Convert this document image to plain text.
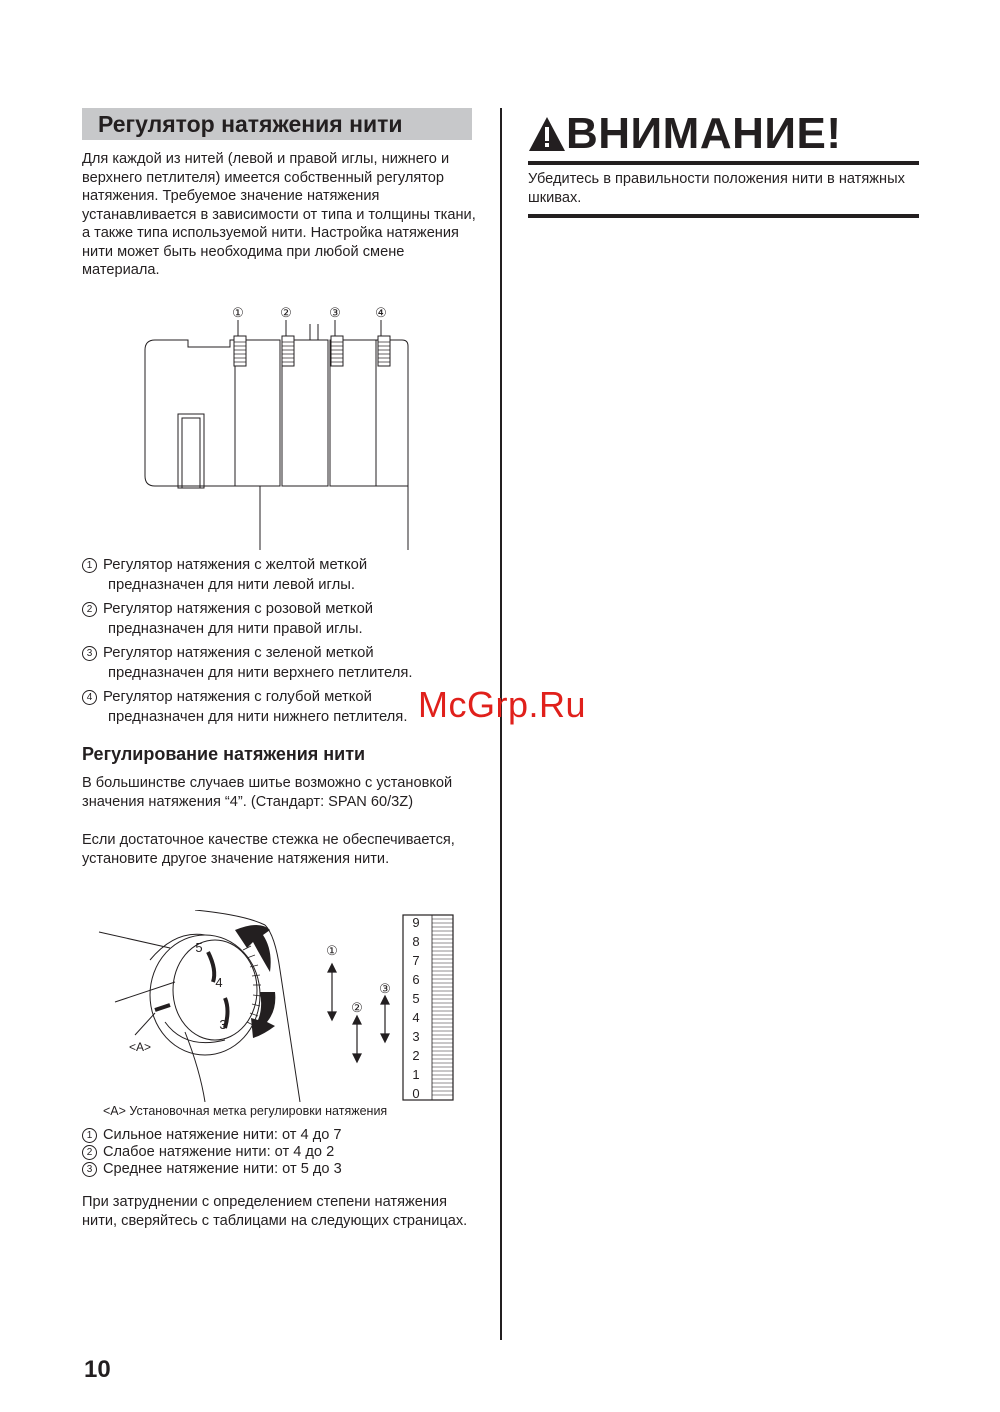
Регулятор натяжения нити

Для каждой из нитей (левой и правой иглы, нижнего и верхнего петлителя) имеется собственный регулятор натяжения. Требуемое значение натяжения устанавливается в зависимости от типа и толщины ткани, а также типа используемой нити. Настройка натяжения нити может быть необходима при любой смене материала.

①	②	③	④
1 Регулятор натяжения с желтой меткой
предназначен для нити левой иглы.
2 Регулятор натяжения с розовой меткой
предназначен для нити правой иглы.
3 Регулятор натяжения с зеленой меткой
предназначен для нити верхнего петлителя.
4 Регулятор натяжения с голубой меткой
предназначен для нити нижнего петлителя.
Регулирование натяжения нити

В большинстве случаев шитье возможно с установкой значения натяжения “4”. (Стандарт: SPAN 60/3Z)

Если достаточное качестве стежка не обеспечивается, установите другое значение натяжения нити.

5
4
3
<A>
①
②
③
9
8
7
6
5
4
3
2
1
0
<A> Установочная метка регулировки натяжения
1 Сильное натяжение нити: от 4 до 7
2 Слабое натяжение нити: от 4 до 2
3 Среднее натяжение нити: от 5 до 3

При затруднении с определением степени натяжения нити, сверяйтесь с таблицами на следующих страницах.

ВНИМАНИЕ!

Убедитесь в правильности положения нити в натяжных шкивах.

McGrp.Ru
10
